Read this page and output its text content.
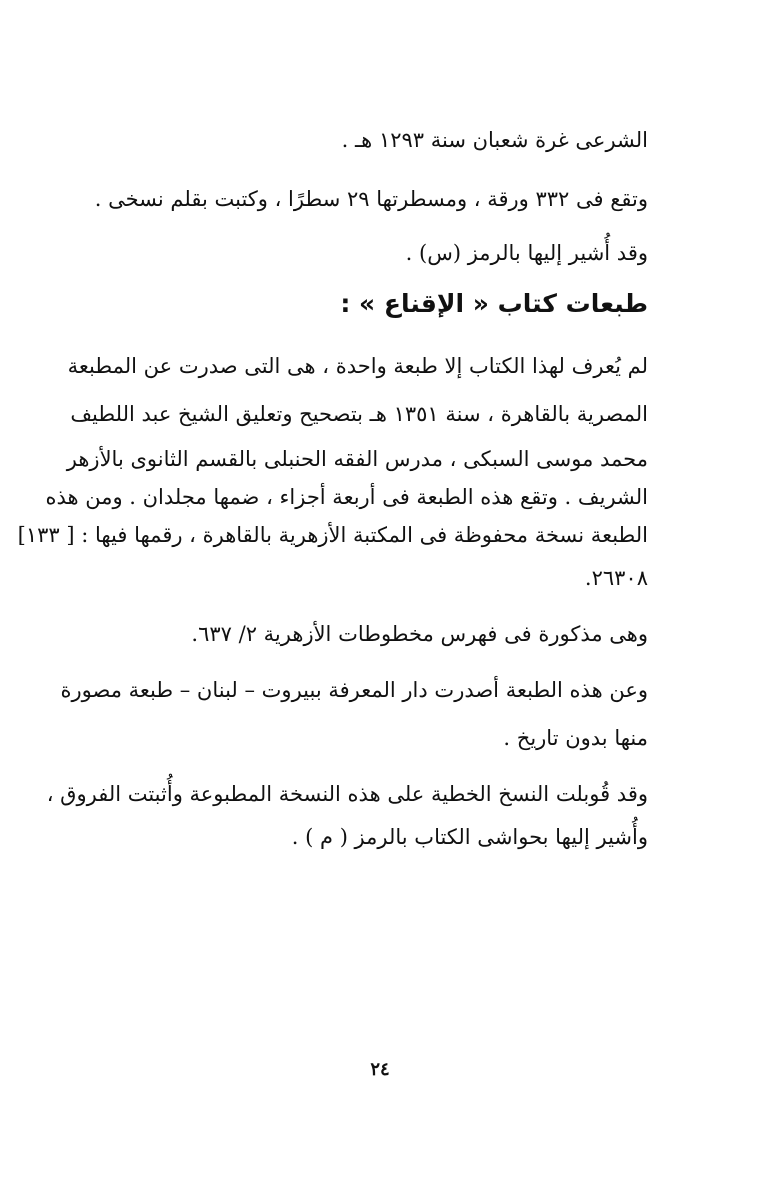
الشرعى غرة شعبان سنة ١٢٩٣ هـ .
وتقع فى ٣٣٢ ورقة ، ومسطرتها ٢٩ سطرًا ، وكتبت بقلم نسخى .
وقد أُشير إليها بالرمز (س) .
طبعات كتاب « الإقناع » :
لم يُعرف لهذا الكتاب إلا طبعة واحدة ، هى التى صدرت عن المطبعة
المصرية بالقاهرة ، سنة ١٣٥١ هـ بتصحيح وتعليق الشيخ عبد اللطيف
محمد موسى السبكى ، مدرس الفقه الحنبلى بالقسم الثانوى بالأزهر
الشريف . وتقع هذه الطبعة فى أربعة أجزاء ، ضمها مجلدان . ومن هذه
الطبعة نسخة محفوظة فى المكتبة الأزهرية بالقاهرة ، رقمها فيها : [ ١٣٣]
٢٦٣٠٨.
وهى مذكورة فى فهرس مخطوطات الأزهرية ٢/ ٦٣٧.
وعن هذه الطبعة أصدرت دار المعرفة ببيروت – لبنان – طبعة مصورة
منها بدون تاريخ .
وقد قُوبلت النسخ الخطية على هذه النسخة المطبوعة وأُثبتت الفروق ،
وأُشير إليها بحواشى الكتاب بالرمز ( م ) .
٢٤
